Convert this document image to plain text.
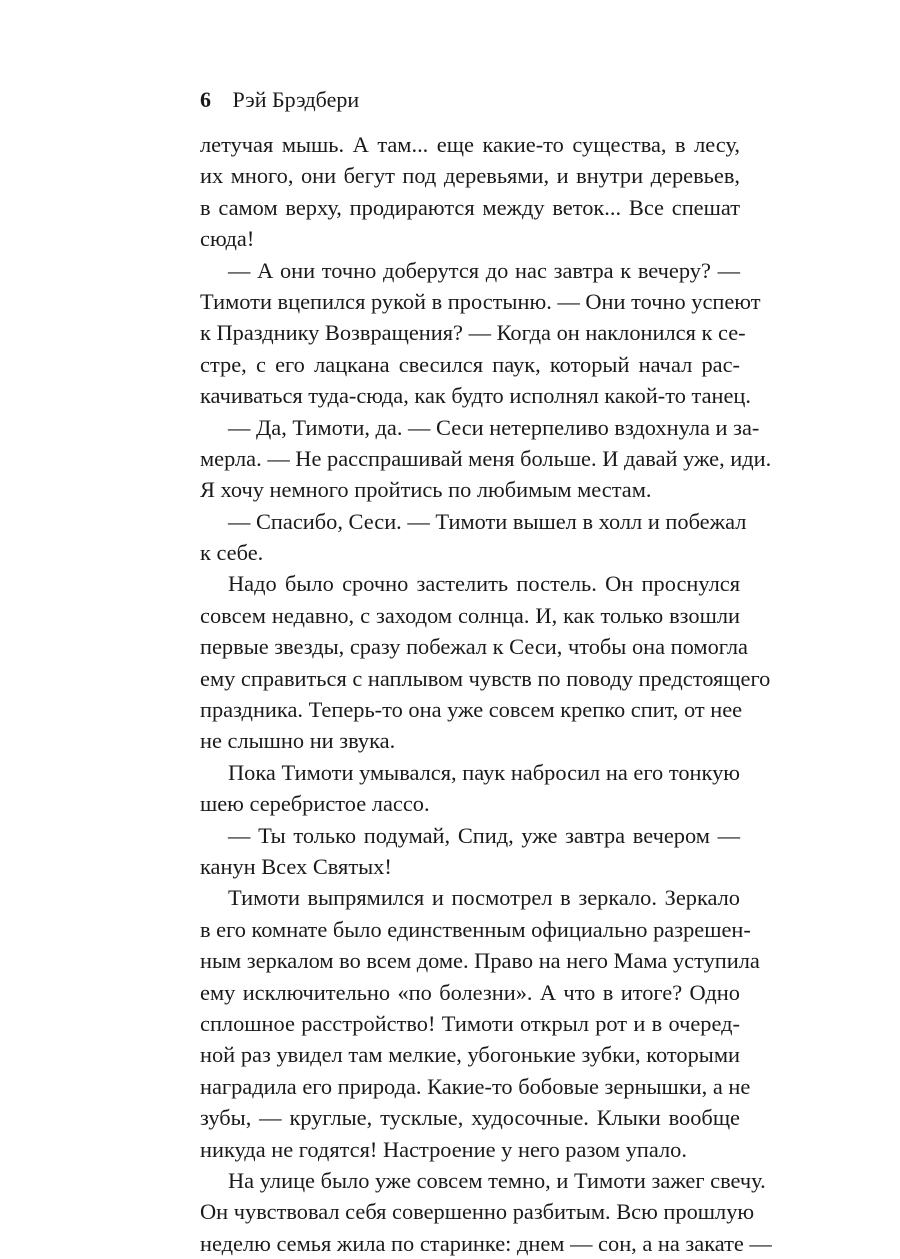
6 Рэй Брэдбери
летучая мышь. А там... еще какие-то существа, в лесу,
их много, они бегут под деревьями, и внутри деревьев,
в самом верху, продираются между веток... Все спешат
сюда!
— А они точно доберутся до нас завтра к вечеру? —
Тимоти вцепился рукой в простыню. — Они точно успеют
к Празднику Возвращения? — Когда он наклонился к се-
стре, с его лацкана свесился паук, который начал рас-
качиваться туда-сюда, как будто исполнял какой-то танец.
— Да, Тимоти, да. — Сеси нетерпеливо вздохнула и за-
мерла. — Не расспрашивай меня больше. И давай уже, иди.
Я хочу немного пройтись по любимым местам.
— Спасибо, Сеси. — Тимоти вышел в холл и побежал
к себе.
Надо было срочно застелить постель. Он проснулся
совсем недавно, с заходом солнца. И, как только взошли
первые звезды, сразу побежал к Сеси, чтобы она помогла
ему справиться с наплывом чувств по поводу предстоящего
праздника. Теперь-то она уже совсем крепко спит, от нее
не слышно ни звука.
Пока Тимоти умывался, паук набросил на его тонкую
шею серебристое лассо.
— Ты только подумай, Спид, уже завтра вечером —
канун Всех Святых!
Тимоти выпрямился и посмотрел в зеркало. Зеркало
в его комнате было единственным официально разрешен-
ным зеркалом во всем доме. Право на него Мама уступила
ему исключительно «по болезни». А что в итоге? Одно
сплошное расстройство! Тимоти открыл рот и в очеред-
ной раз увидел там мелкие, убогонькие зубки, которыми
наградила его природа. Какие-то бобовые зернышки, а не
зубы, — круглые, тусклые, худосочные. Клыки вообще
никуда не годятся! Настроение у него разом упало.
На улице было уже совсем темно, и Тимоти зажег свечу.
Он чувствовал себя совершенно разбитым. Всю прошлую
неделю семья жила по старинке: днем — сон, а на закате —
